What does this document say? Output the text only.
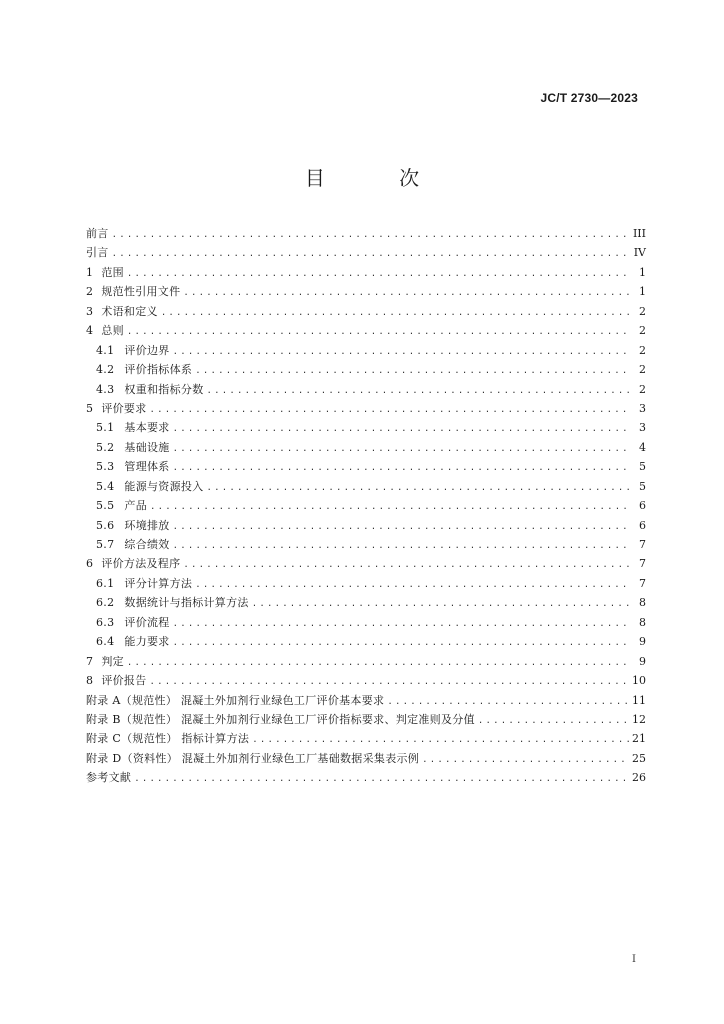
JC/T 2730—2023
目 次
前言 .....	III
引言 .....	IV
1 范围 .....	1
2 规范性引用文件 .....	1
3 术语和定义 .....	2
4 总则 .....	2
4.1 评价边界 .....	2
4.2 评价指标体系 .....	2
4.3 权重和指标分数 .....	2
5 评价要求 .....	3
5.1 基本要求 .....	3
5.2 基础设施 .....	4
5.3 管理体系 .....	5
5.4 能源与资源投入 .....	5
5.5 产品 .....	6
5.6 环境排放 .....	6
5.7 综合绩效 .....	7
6 评价方法及程序 .....	7
6.1 评分计算方法 .....	7
6.2 数据统计与指标计算方法 .....	8
6.3 评价流程 .....	8
6.4 能力要求 .....	9
7 判定 .....	9
8 评价报告 .....	10
附录 A（规范性） 混凝土外加剂行业绿色工厂评价基本要求 .....	11
附录 B（规范性） 混凝土外加剂行业绿色工厂评价指标要求、判定准则及分值 .....	12
附录 C（规范性） 指标计算方法 .....	21
附录 D（资料性） 混凝土外加剂行业绿色工厂基础数据采集表示例 .....	25
参考文献 .....	26
I
